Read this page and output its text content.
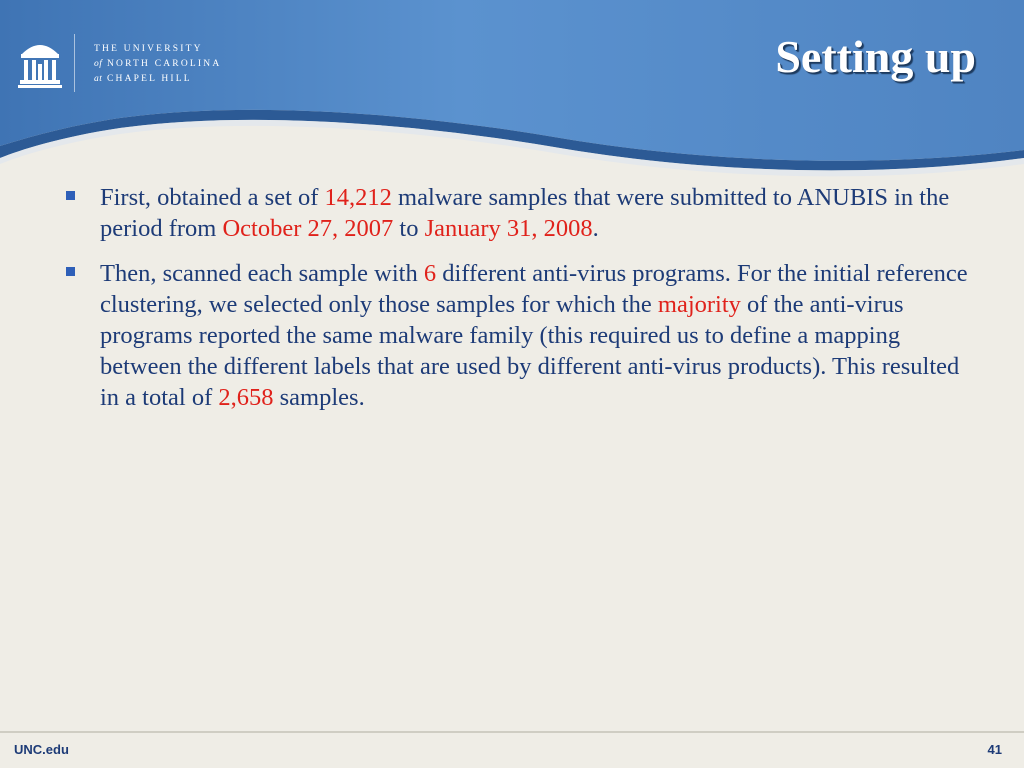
THE UNIVERSITY
of NORTH CAROLINA
at CHAPEL HILL	Setting up
First, obtained a set of 14,212 malware samples that were submitted to ANUBIS in the period from October 27, 2007 to January 31, 2008.
Then, scanned each sample with 6 different anti-virus programs. For the initial reference clustering, we selected only those samples for which the majority of the anti-virus programs reported the same malware family (this required us to define a mapping between the different labels that are used by different anti-virus products). This resulted in a total of 2,658 samples.
UNC.edu	41
